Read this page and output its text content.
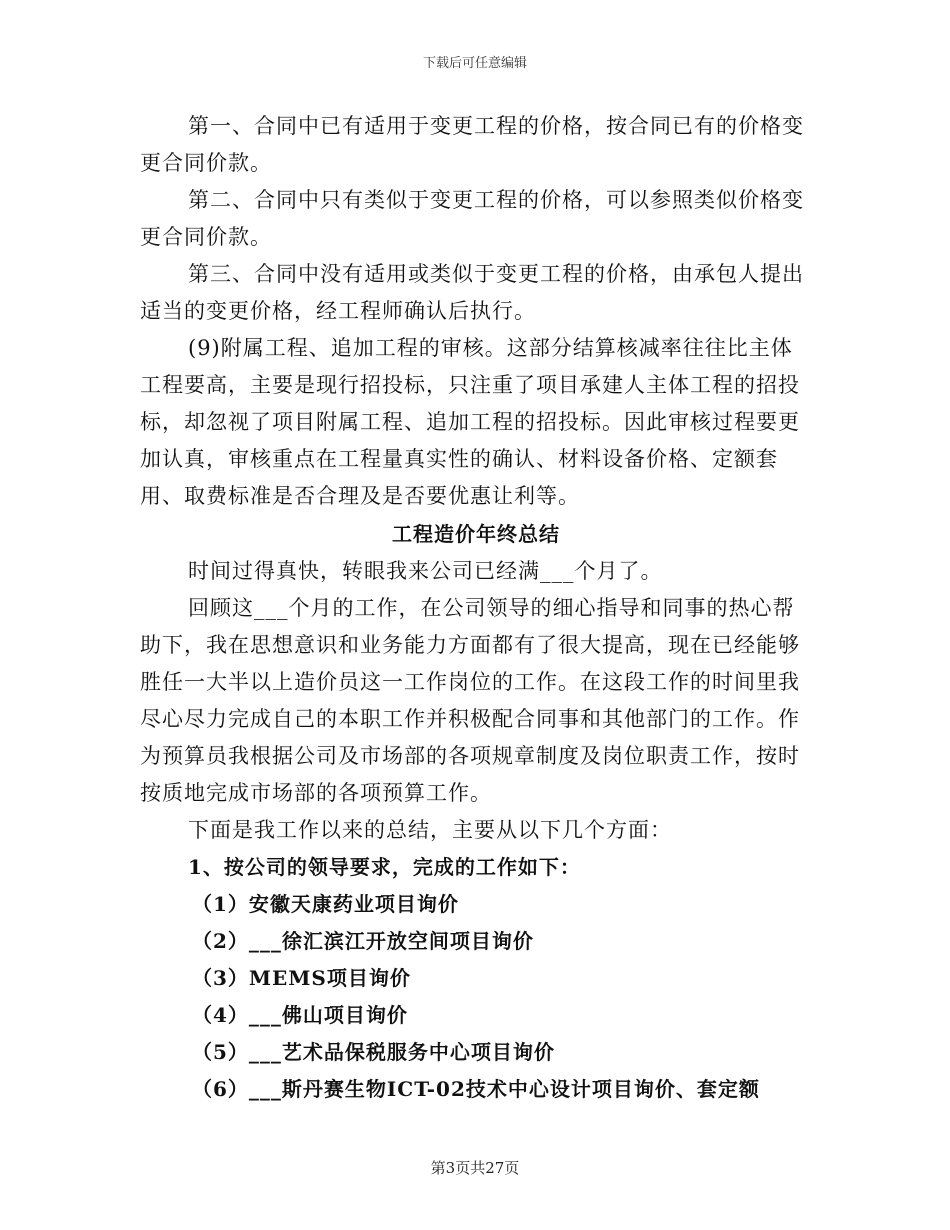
下载后可任意编辑

第一、合同中已有适用于变更工程的价格，按合同已有的价格变更合同价款。

第二、合同中只有类似于变更工程的价格，可以参照类似价格变更合同价款。

第三、合同中没有适用或类似于变更工程的价格，由承包人提出适当的变更价格，经工程师确认后执行。

(9)附属工程、追加工程的审核。这部分结算核减率往往比主体工程要高，主要是现行招投标，只注重了项目承建人主体工程的招投标，却忽视了项目附属工程、追加工程的招投标。因此审核过程要更加认真，审核重点在工程量真实性的确认、材料设备价格、定额套用、取费标准是否合理及是否要优惠让利等。

工程造价年终总结

时间过得真快，转眼我来公司已经满___个月了。

回顾这___个月的工作，在公司领导的细心指导和同事的热心帮助下，我在思想意识和业务能力方面都有了很大提高，现在已经能够胜任一大半以上造价员这一工作岗位的工作。在这段工作的时间里我尽心尽力完成自己的本职工作并积极配合同事和其他部门的工作。作为预算员我根据公司及市场部的各项规章制度及岗位职责工作，按时按质地完成市场部的各项预算工作。

下面是我工作以来的总结，主要从以下几个方面：

1、按公司的领导要求，完成的工作如下：

（1）安徽天康药业项目询价

（2）___徐汇滨江开放空间项目询价

（3）MEMS项目询价

（4）___佛山项目询价

（5）___艺术品保税服务中心项目询价

（6）___斯丹赛生物ICT-02技术中心设计项目询价、套定额

第3页共27页
